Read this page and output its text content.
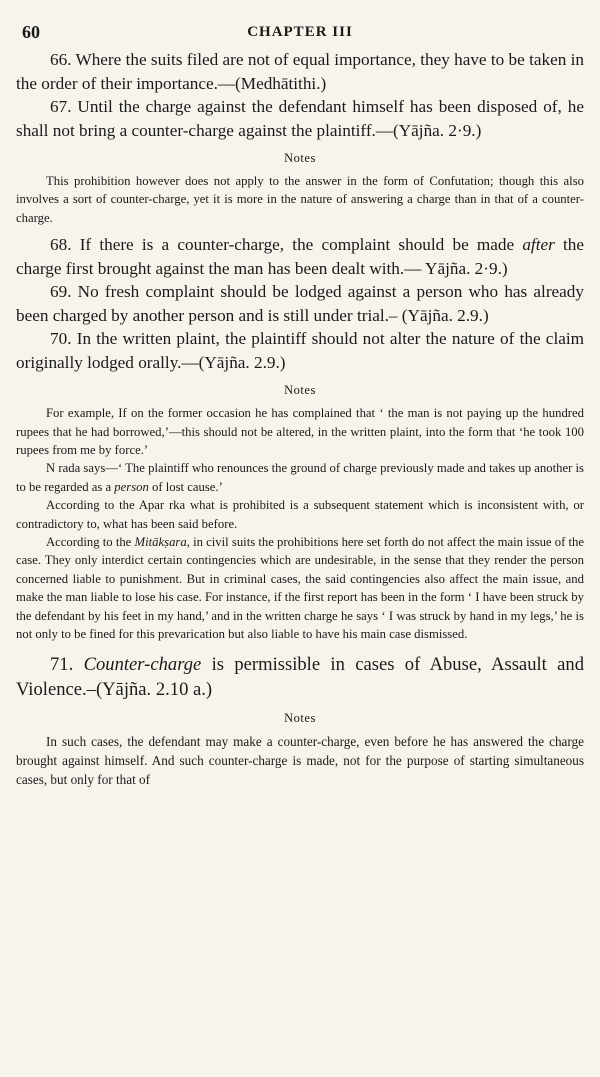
60	CHAPTER III

66. Where the suits filed are not of equal importance, they have to be taken in the order of their importance.—(Medhātithi.)

67. Until the charge against the defendant himself has been disposed of, he shall not bring a counter-charge against the plaintiff.—(Yājña. 2·9.)

Notes

This prohibition however does not apply to the answer in the form of Confutation; though this also involves a sort of counter-charge, yet it is more in the nature of answering a charge than in that of a counter-charge.

68. If there is a counter-charge, the complaint should be made after the charge first brought against the man has been dealt with.— Yājña. 2·9.)

69. No fresh complaint should be lodged against a person who has already been charged by another person and is still under trial.– (Yājña. 2.9.)

70. In the written plaint, the plaintiff should not alter the nature of the claim originally lodged orally.—(Yājña. 2.9.)

Notes

For example, If on the former occasion he has complained that ‘ the man is not paying up the hundred rupees that he had borrowed,’—this should not be altered, in the written plaint, into the form that ‘he took 100 rupees from me by force.’

N rada says—‘ The plaintiff who renounces the ground of charge previously made and takes up another is to be regarded as a person of lost cause.’

According to the Apar rka what is prohibited is a subsequent statement which is inconsistent with, or contradictory to, what has been said before.

According to the Mitākṣara, in civil suits the prohibitions here set forth do not affect the main issue of the case. They only interdict certain contingencies which are undesirable, in the sense that they render the person concerned liable to punishment. But in criminal cases, the said contingencies also affect the main issue, and make the man liable to lose his case. For instance, if the first report has been in the form ‘ I have been struck by the defendant by his feet in my hand,’ and in the written charge he says ‘ I was struck by hand in my legs,’ he is not only to be fined for this prevarication but also liable to have his main case dismissed.

71. Counter-charge is permissible in cases of Abuse, Assault and Violence.–(Yājña. 2.10 a.)

Notes

In such cases, the defendant may make a counter-charge, even before he has answered the charge brought against himself. And such counter-charge is made, not for the purpose of starting simultaneous cases, but only for that of
